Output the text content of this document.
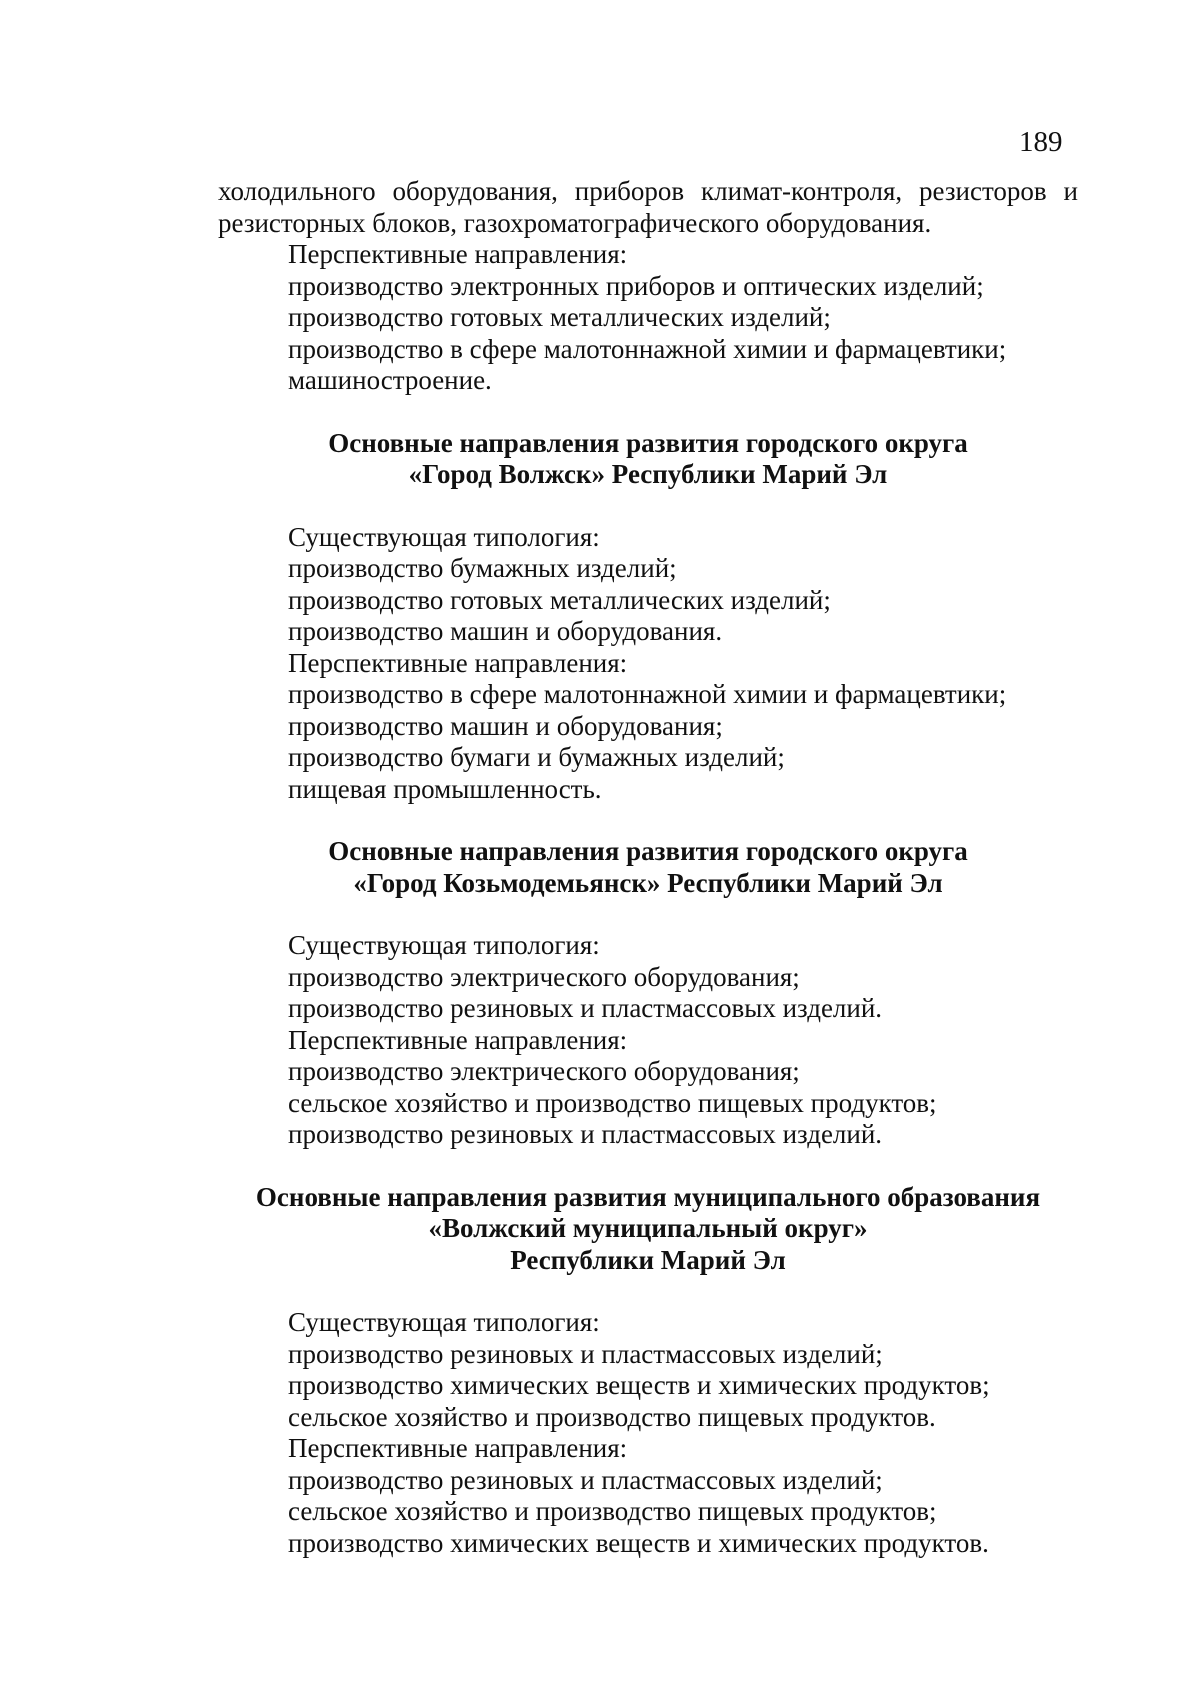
189

холодильного оборудования, приборов климат-контроля, резисторов и резисторных блоков, газохроматографического оборудования.

Перспективные направления:
производство электронных приборов и оптических изделий;
производство готовых металлических изделий;
производство в сфере малотоннажной химии и фармацевтики;
машиностроение.
Основные направления развития городского округа
«Город Волжск» Республики Марий Эл
Существующая типология:
производство бумажных изделий;
производство готовых металлических изделий;
производство машин и оборудования.
Перспективные направления:
производство в сфере малотоннажной химии и фармацевтики;
производство машин и оборудования;
производство бумаги и бумажных изделий;
пищевая промышленность.
Основные направления развития городского округа
«Город Козьмодемьянск» Республики Марий Эл
Существующая типология:
производство электрического оборудования;
производство резиновых и пластмассовых изделий.
Перспективные направления:
производство электрического оборудования;
сельское хозяйство и производство пищевых продуктов;
производство резиновых и пластмассовых изделий.
Основные направления развития муниципального образования
«Волжский муниципальный округ»
Республики Марий Эл
Существующая типология:
производство резиновых и пластмассовых изделий;
производство химических веществ и химических продуктов;
сельское хозяйство и производство пищевых продуктов.
Перспективные направления:
производство резиновых и пластмассовых изделий;
сельское хозяйство и производство пищевых продуктов;
производство химических веществ и химических продуктов.
